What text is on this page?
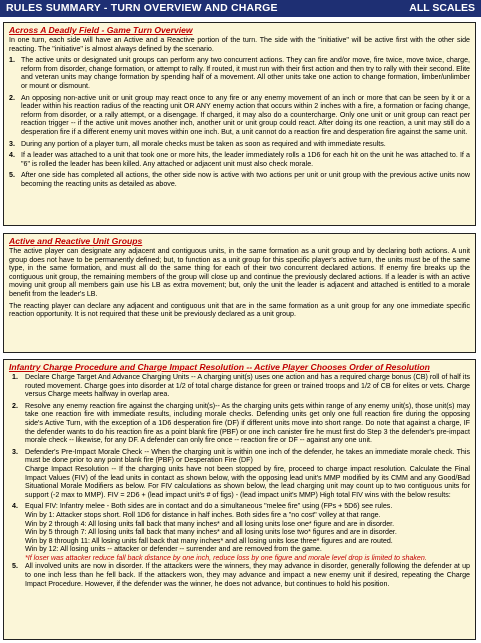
RULES SUMMARY - TURN OVERVIEW AND CHARGE	ALL SCALES
Across A Deadly Field - Game Turn Overview

In one turn, each side will have an Active and a Reactive portion of the turn. The side with the "initiative" will be active first with the other side reacting. The "initiative" is almost always defined by the scenario.

1. The active units or designated unit groups can perform any two concurrent actions. They can fire and/or move, fire twice, move twice, charge, reform from disorder, change formation, or attempt to rally. If routed, it must run with their first action and then try to rally with their second. Elite and veteran units may change formation by spending half of a movement. All other units take one action to change formation, limber/unlimber or mount or dismount.
2. An opposing non-active unit or unit group may react once to any fire or any enemy movement of an inch or more that can be seen by it or a leader within his reaction radius of the reacting unit OR ANY enemy action that occurs within 2 inches with a fire, a formation or facing change, reform from disorder, or a rally attempt, or a disengage. If charged, it may also do a countercharge. Only one unit or unit group can react per reaction trigger -- if the active unit moves another inch, another unit or unit group could react. After doing its one reaction, a unit may still do a desperation fire if a different enemy unit moves within one inch. But, a unit cannot do a reaction fire and desperation fire against the same unit.
3. During any portion of a player turn, all morale checks must be taken as soon as required and with immediate results.
4. If a leader was attached to a unit that took one or more hits, the leader immediately rolls a 1D6 for each hit on the unit he was attached to. If a "6" is rolled the leader has been killed. Any attached or adjacent unit must also check morale.
5. After one side has completed all actions, the other side now is active with two actions per unit or unit group with the previous active units now becoming the reacting units as detailed as above.
Active and Reactive Unit Groups

The active player can designate any adjacent and contiguous units, in the same formation as a unit group and by declaring both actions. A unit group does not have to be permanently defined; but, to function as a unit group for this specific player's active turn, the units must be of the same type, in the same formation, and must all do the same thing for each of their two concurrent declared actions. If enemy fire breaks up the contiguous unit group, the remaining members of the group will close up and continue the previously declared actions. If a leader is with an active moving unit group all members gain use his LB as extra movement; but, only the unit the leader is adjacent and attached is entitled to a morale benefit from the leader's LB.

The reacting player can declare any adjacent and contiguous unit that are in the same formation as a unit group for any one immediate specific reaction opportunity. It is not required that these unit be previously declared as a unit group.

Infantry Charge Procedure and Charge Impact Resolution -- Active Player Chooses Order of Resolution
1. Declare Charge Target And Advance Charging Units -- A charging unit(s) uses one action and has a required charge bonus (CB) roll of half its routed movement. Charge goes into disorder at 1/2 of total charge distance for green or trained troops and 1/2 of CB for elites or vets. Charge versus Charge meets halfway in overlap area.
2. Resolve any enemy reaction fire against the charging unit(s)-- As the charging units gets within range of any enemy unit(s), those unit(s) may take one reaction fire with immediate results, including morale checks. Defending units get only one full reaction fire during the opposing side's Active Turn, with the exception of a 1D6 desperation fire (DF) if different units move into short range. Do note that against a charge, IF the defender wants to do his reaction fire as a point blank fire (PBF) or one inch canister fire he must first do Step 3 the defender's pre-impact morale check -- likewise, for any DF. A defender can only fire once -- reaction fire or DF -- against any one unit.
3. Defender's Pre-Impact Morale Check -- When the charging unit is within one inch of the defender, he takes an immediate morale check. This must be done prior to any point blank fire (PBF) or Desperation Fire (DF)
Charge Impact Resolution -- If the charging units have not been stopped by fire, proceed to charge impact resolution. Calculate the Final Impact Values (FIV) of the lead units in contact as shown below, with the opposing lead unit's MMP modified by its CMM and any Good/Bad Situational Morale Modifiers as below. For FIV calculations as shown below, the lead charging unit may count up to two contiguous units for support (-2 max to MMP). FIV = 2D6 + (lead impact unit's # of figs) - (lead impact unit's MMP) High total FIV wins with the below results:
4. Equal FIV: Infantry melee - Both sides are in contact and do a simultaneous "melee fire" using (FPs + 5D6) see rules.
Win by 1: Attacker stops short. Roll 1D6 for distance in half inches. Both sides fire a "no cost" volley at that range.
Win by 2 through 4: All losing units fall back that many inches* and all losing units lose one* figure and are in disorder.
Win by 5 through 7: All losing units fall back that many inches* and all losing units lose two* figures and are in disorder.
Win by 8 through 11: All losing units fall back that many inches* and all losing units lose three* figures and are routed.
Win by 12: All losing units -- attacker or defender -- surrender and are removed from the game.
*If loser was attacker reduce fall back distance by one inch, reduce loss by one figure and morale level drop is limited to shaken.
5. All involved units are now in disorder. If the attackers were the winners, they may advance in disorder, generally following the defender at up to one inch less than he fell back. If the attackers won, they may advance and impact a new enemy unit if desired, repeating the Charge Impact Procedure. However, if the defender was the winner, he does not advance, but continues to hold his position.
